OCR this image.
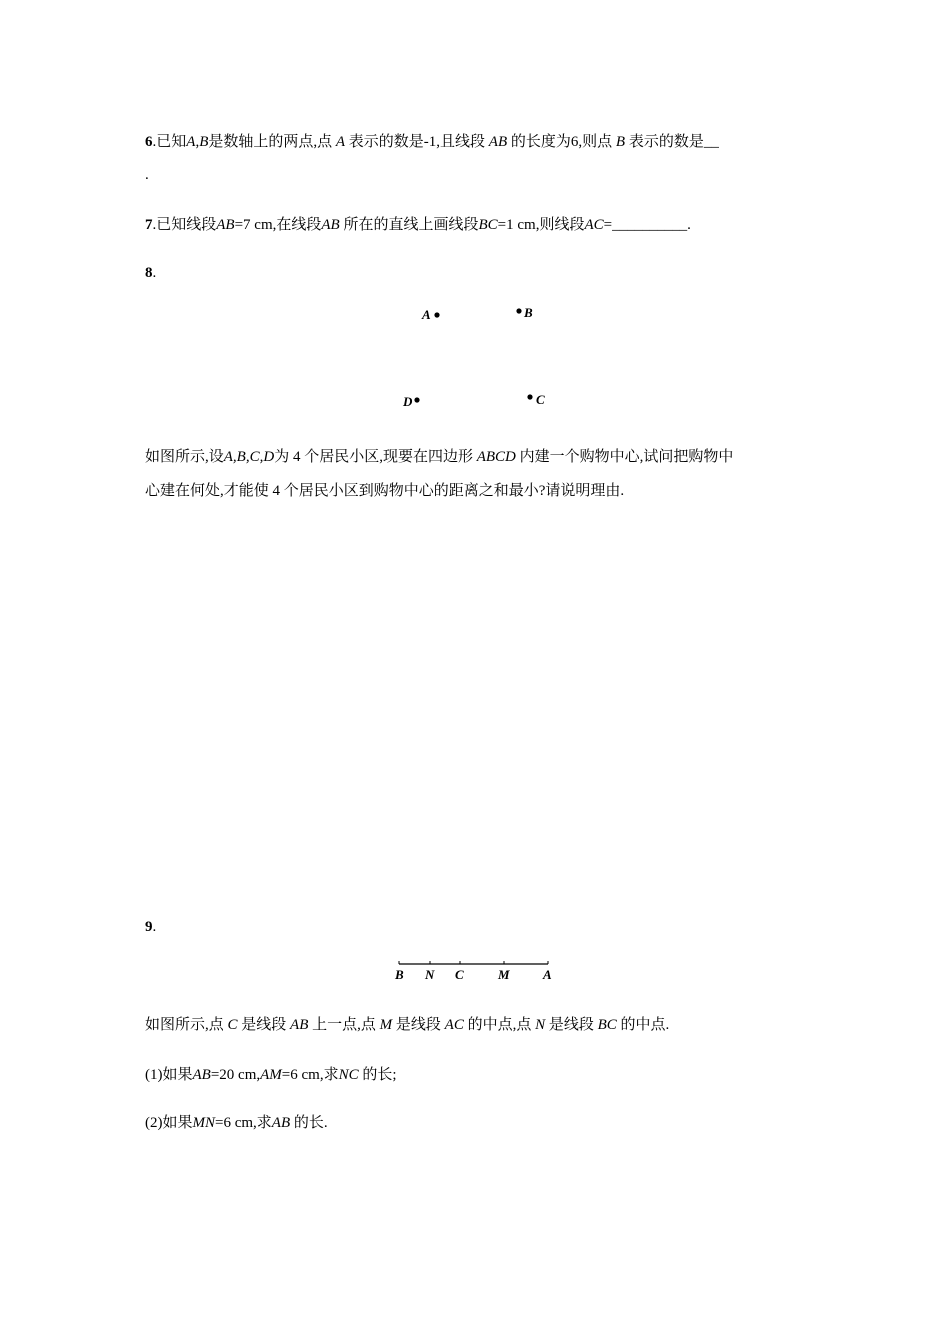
6.已知A,B是数轴上的两点,点 A 表示的数是-1,且线段 AB 的长度为6,则点 B 表示的数是__
.
7.已知线段AB=7 cm,在线段AB 所在的直线上画线段BC=1 cm,则线段AC=__________.
8.
A	B
D	C
如图所示,设A,B,C,D为 4 个居民小区,现要在四边形 ABCD 内建一个购物中心,试问把购物中
心建在何处,才能使 4 个居民小区到购物中心的距离之和最小?请说明理由.
9.
B N C	M	A
如图所示,点 C 是线段 AB 上一点,点 M 是线段 AC 的中点,点 N 是线段 BC 的中点.
(1)如果AB=20 cm,AM=6 cm,求NC 的长;
(2)如果MN=6 cm,求AB 的长.
